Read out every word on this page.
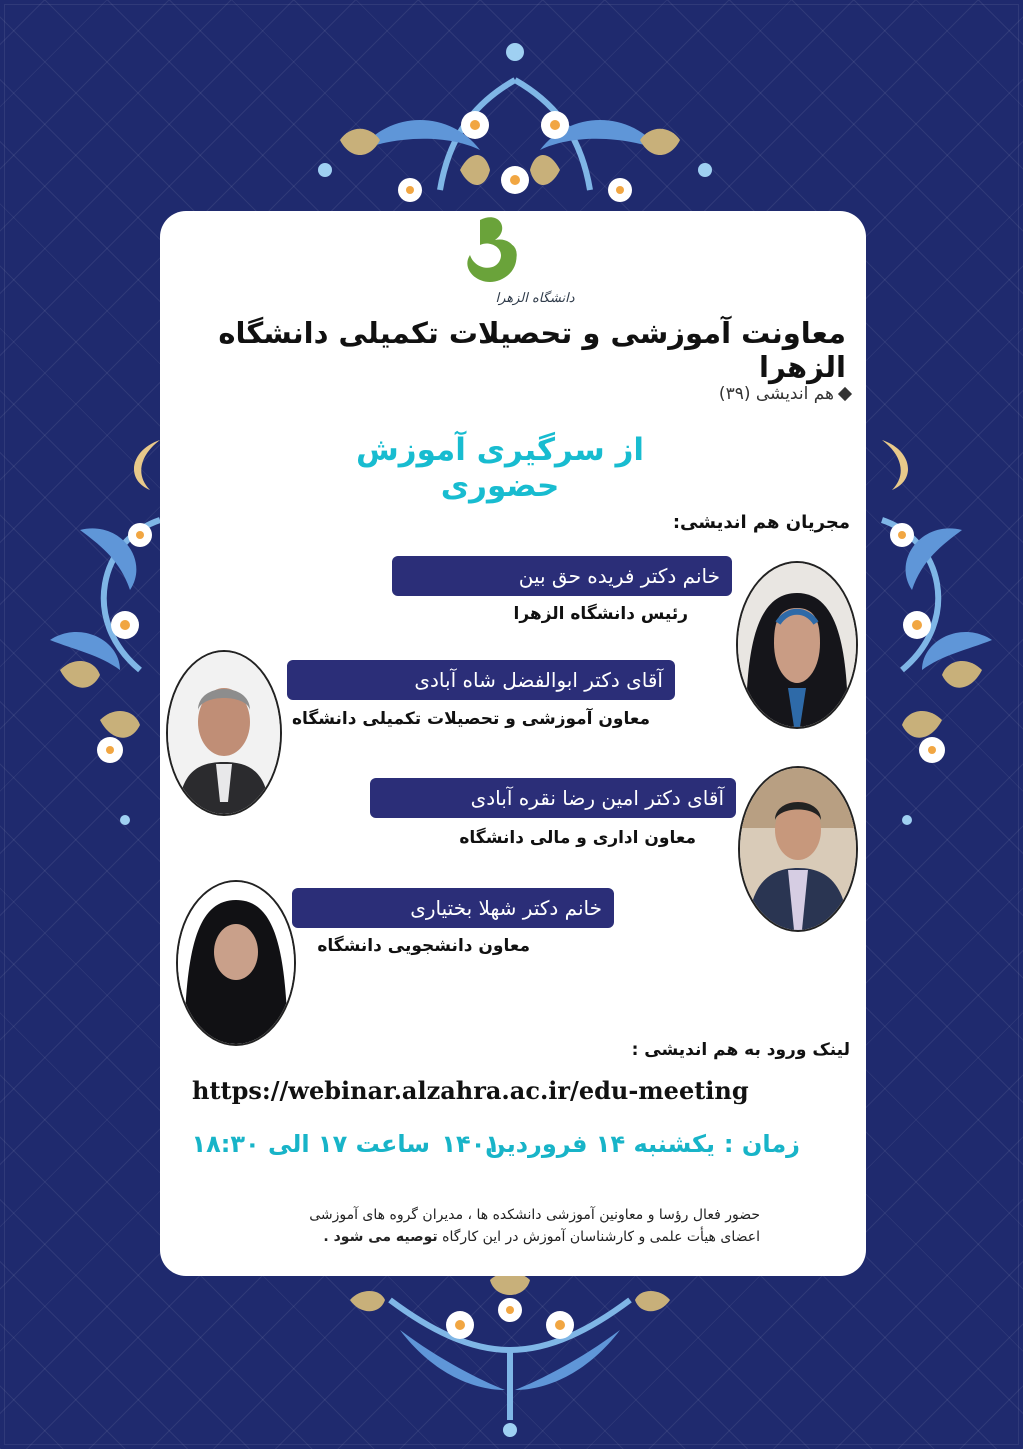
دانشگاه الزهرا
معاونت آموزشی و تحصیلات تکمیلی دانشگاه الزهرا
هم اندیشی (۳۹)
از سرگیری آموزش حضوری
مجریان هم اندیشی:
خانم دکتر فریده حق بین
رئیس دانشگاه الزهرا
آقای دکتر ابوالفضل شاه آبادی
معاون آموزشی و تحصیلات تکمیلی دانشگاه
آقای دکتر امین رضا نقره آبادی
معاون اداری و مالی دانشگاه
خانم دکتر شهلا بختیاری
معاون دانشجویی دانشگاه
لینک ورود به هم اندیشی :
https://webinar.alzahra.ac.ir/edu-meeting
زمان :
یکشنبه ۱۴ فروردین
۱۴۰۱
ساعت ۱۷ الی ۱۸:۳۰
حضور فعال رؤسا و معاونین آموزشی دانشکده ها ، مدیران گروه های آموزشی
اعضای هیأت علمی و کارشناسان آموزش در این کارگاه توصیه می شود .
